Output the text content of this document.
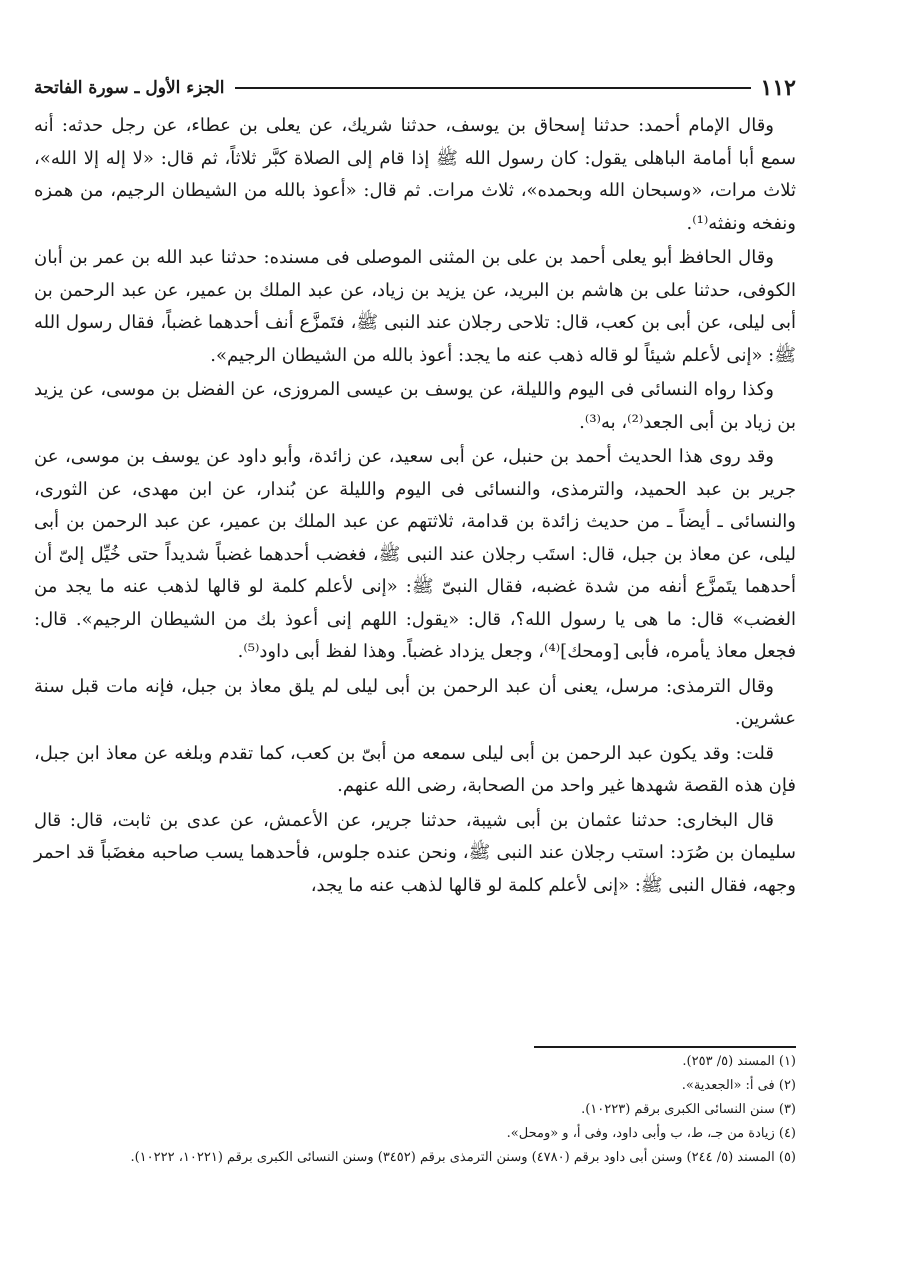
١١٢
الجزء الأول ـ سورة الفاتحة

وقال الإمام أحمد: حدثنا إسحاق بن يوسف، حدثنا شريك، عن يعلى بن عطاء، عن رجل حدثه: أنه سمع أبا أمامة الباهلى يقول: كان رسول الله ﷺ إذا قام إلى الصلاة كبَّر ثلاثاً، ثم قال: «لا إله إلا الله»، ثلاث مرات، «وسبحان الله وبحمده»، ثلاث مرات. ثم قال: «أعوذ بالله من الشيطان الرجيم، من همزه ونفخه ونفثه⁽¹⁾.

وقال الحافظ أبو يعلى أحمد بن على بن المثنى الموصلى فى مسنده: حدثنا عبد الله بن عمر بن أبان الكوفى، حدثنا على بن هاشم بن البريد، عن يزيد بن زياد، عن عبد الملك بن عمير، عن عبد الرحمن بن أبى ليلى، عن أبى بن كعب، قال: تلاحى رجلان عند النبى ﷺ، فتَمزَّع أنف أحدهما غضباً، فقال رسول الله ﷺ: «إنى لأعلم شيئاً لو قاله ذهب عنه ما يجد: أعوذ بالله من الشيطان الرجيم».

وكذا رواه النسائى فى اليوم والليلة، عن يوسف بن عيسى المروزى، عن الفضل بن موسى، عن يزيد بن زياد بن أبى الجعد⁽²⁾، به⁽³⁾.

وقد روى هذا الحديث أحمد بن حنبل، عن أبى سعيد، عن زائدة، وأبو داود عن يوسف بن موسى، عن جرير بن عبد الحميد، والترمذى، والنسائى فى اليوم والليلة عن بُندار، عن ابن مهدى، عن الثورى، والنسائى ـ أيضاً ـ من حديث زائدة بن قدامة، ثلاثتهم عن عبد الملك بن عمير، عن عبد الرحمن بن أبى ليلى، عن معاذ بن جبل، قال: استَب رجلان عند النبى ﷺ، فغضب أحدهما غضباً شديداً حتى خُيِّل إلىّ أن أحدهما يتَمزَّع أنفه من شدة غضبه، فقال النبىّ ﷺ: «إنى لأعلم كلمة لو قالها لذهب عنه ما يجد من الغضب» قال: ما هى يا رسول الله؟، قال: «يقول: اللهم إنى أعوذ بك من الشيطان الرجيم». قال: فجعل معاذ يأمره، فأبى [ومحك]⁽⁴⁾، وجعل يزداد غضباً. وهذا لفظ أبى داود⁽⁵⁾.

وقال الترمذى: مرسل، يعنى أن عبد الرحمن بن أبى ليلى لم يلق معاذ بن جبل، فإنه مات قبل سنة عشرين.

قلت: وقد يكون عبد الرحمن بن أبى ليلى سمعه من أبىّ بن كعب، كما تقدم وبلغه عن معاذ ابن جبل، فإن هذه القصة شهدها غير واحد من الصحابة، رضى الله عنهم.

قال البخارى: حدثنا عثمان بن أبى شيبة، حدثنا جرير، عن الأعمش، عن عدى بن ثابت، قال: قال سليمان بن صُرَد: استب رجلان عند النبى ﷺ، ونحن عنده جلوس، فأحدهما يسب صاحبه مغضَباً قد احمر وجهه، فقال النبى ﷺ: «إنى لأعلم كلمة لو قالها لذهب عنه ما يجد،

(١) المسند (٥/ ٢٥٣).
(٢) فى أ: «الجعدية».
(٣) سنن النسائى الكبرى برقم (١٠٢٢٣).
(٤) زيادة من جـ، ط، ب وأبى داود، وفى أ، و «ومحل».
(٥) المسند (٥/ ٢٤٤) وسنن أبى داود برقم (٤٧٨٠) وسنن الترمذى برقم (٣٤٥٢) وسنن النسائى الكبرى برقم (١٠٢٢١، ١٠٢٢٢).
